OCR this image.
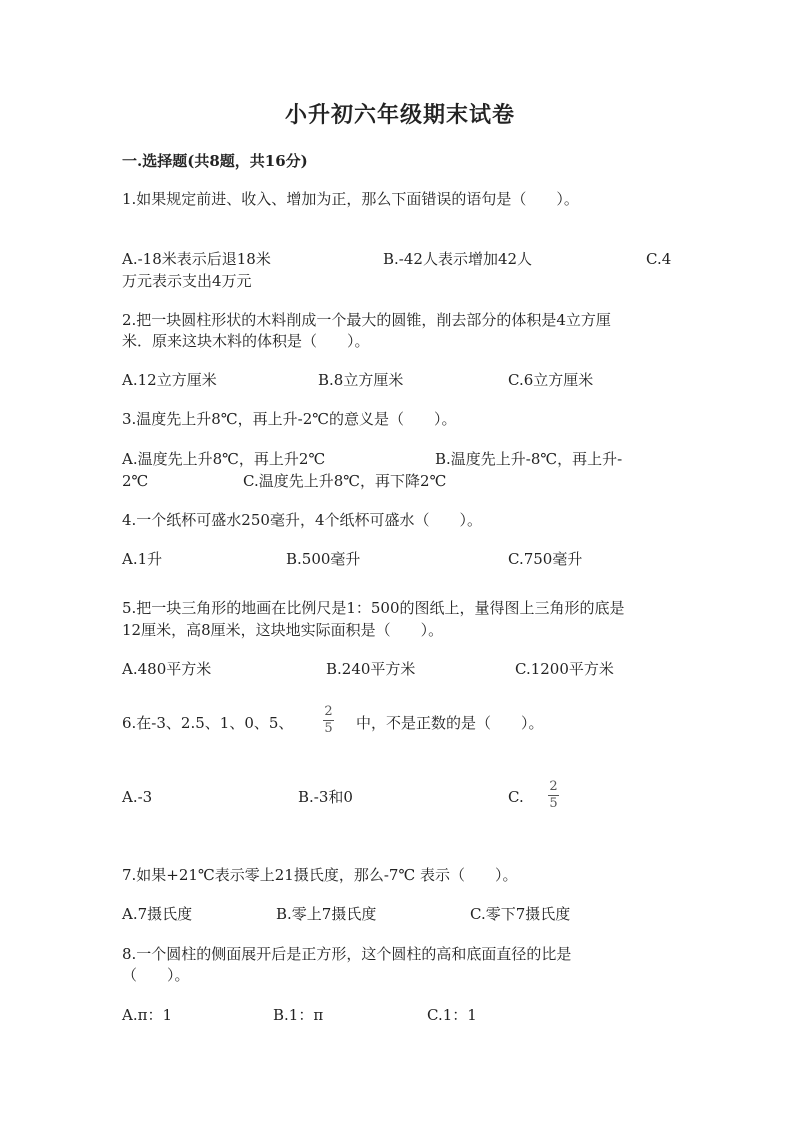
小升初六年级期末试卷
一.选择题(共8题，共16分)
1.如果规定前进、收入、增加为正，那么下面错误的语句是（　　）。
A.-18米表示后退18米	B.-42人表示增加42人	C.4
万元表示支出4万元
2.把一块圆柱形状的木料削成一个最大的圆锥，削去部分的体积是4立方厘
米．原来这块木料的体积是（　　）。
A.12立方厘米	B.8立方厘米	C.6立方厘米
3.温度先上升8℃，再上升-2℃的意义是（　　）。
A.温度先上升8℃，再上升2℃	B.温度先上升-8℃，再上升-
2℃	C.温度先上升8℃，再下降2℃
4.一个纸杯可盛水250毫升，4个纸杯可盛水（　　）。
A.1升	B.500毫升	C.750毫升
5.把一块三角形的地画在比例尺是1：500的图纸上，量得图上三角形的底是
12厘米，高8厘米，这块地实际面积是（　　）。
A.480平方米	B.240平方米	C.1200平方米
6.在-3、2.5、1、0、5、
2
5 中，不是正数的是（　　）。
A.-3	B.-3和0	C.
2
5
7.如果+21℃表示零上21摄氏度，那么-7℃ 表示（　　）。
A.7摄氏度	B.零上7摄氏度	C.零下7摄氏度
8.一个圆柱的侧面展开后是正方形，这个圆柱的高和底面直径的比是
（　　）。
A.π：1	B.1：π	C.1：1
